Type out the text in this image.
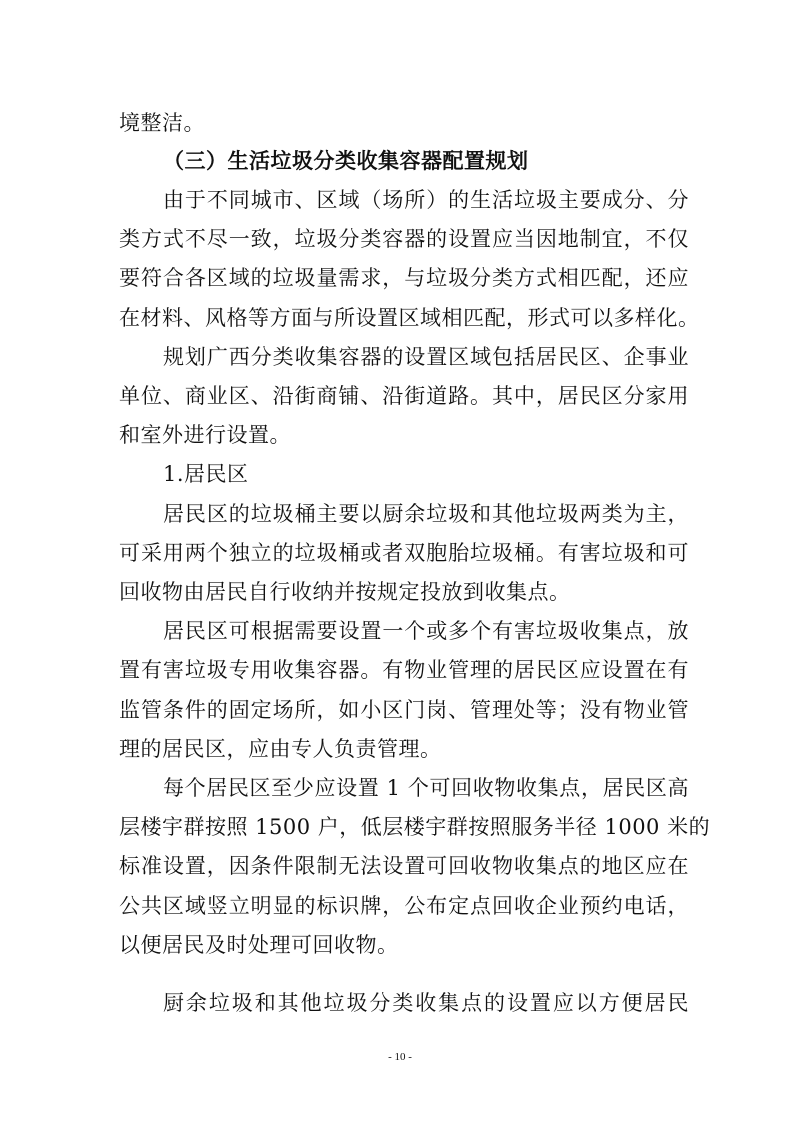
境整洁。
（三）生活垃圾分类收集容器配置规划
由于不同城市、区域（场所）的生活垃圾主要成分、分
类方式不尽一致，垃圾分类容器的设置应当因地制宜，不仅
要符合各区域的垃圾量需求，与垃圾分类方式相匹配，还应
在材料、风格等方面与所设置区域相匹配，形式可以多样化。
规划广西分类收集容器的设置区域包括居民区、企事业
单位、商业区、沿街商铺、沿街道路。其中，居民区分家用
和室外进行设置。
1.居民区
居民区的垃圾桶主要以厨余垃圾和其他垃圾两类为主，
可采用两个独立的垃圾桶或者双胞胎垃圾桶。有害垃圾和可
回收物由居民自行收纳并按规定投放到收集点。
居民区可根据需要设置一个或多个有害垃圾收集点，放
置有害垃圾专用收集容器。有物业管理的居民区应设置在有
监管条件的固定场所，如小区门岗、管理处等；没有物业管
理的居民区，应由专人负责管理。
每个居民区至少应设置 1 个可回收物收集点，居民区高
层楼宇群按照 1500 户，低层楼宇群按照服务半径 1000 米的
标准设置，因条件限制无法设置可回收物收集点的地区应在
公共区域竖立明显的标识牌，公布定点回收企业预约电话，
以便居民及时处理可回收物。
厨余垃圾和其他垃圾分类收集点的设置应以方便居民
- 10 -
